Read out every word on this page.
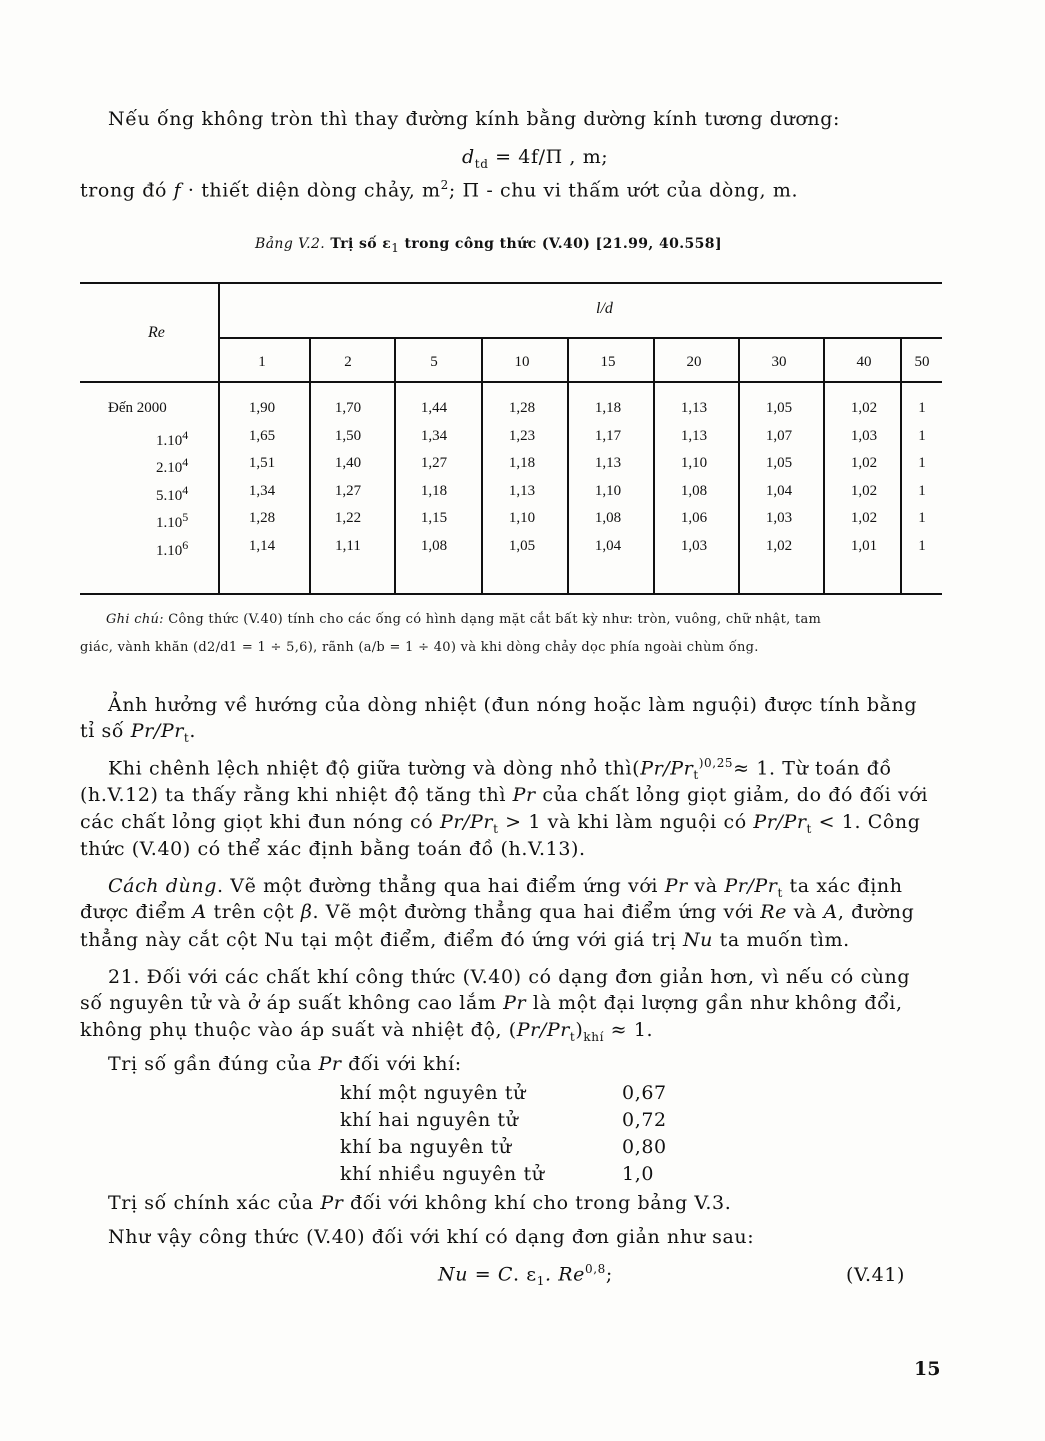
Nếu ống không tròn thì thay đường kính bằng dường kính tương dương:
$d_{td} = 4f/\Pi$ , m;
trong đó f · thiết diện dòng chảy, $m^2$; Π - chu vi thấm ướt của dòng, m.
Bảng V.2. Trị số $\varepsilon_1$ trong công thức (V.40) [21.99, 40.558]
Re
l/d
1	2	5	10	15	20	30	40	50
Đến 2000	1,90	1,70	1,44	1,28	1,18	1,13	1,05	1,02	1
1.10$^4$	1,65	1,50	1,34	1,23	1,17	1,13	1,07	1,03	1
2.10$^4$	1,51	1,40	1,27	1,18	1,13	1,10	1,05	1,02	1
5.10$^4$	1,34	1,27	1,18	1,13	1,10	1,08	1,04	1,02	1
1.10$^5$	1,28	1,22	1,15	1,10	1,08	1,06	1,03	1,02	1
1.10$^6$	1,14	1,11	1,08	1,05	1,04	1,03	1,02	1,01	1
Ghi chú: Công thức (V.40) tính cho các ống có hình dạng mặt cắt bất kỳ như: tròn, vuông, chữ nhật, tam
giác, vành khăn (d2/d1 = 1 ÷ 5,6), rãnh (a/b = 1 ÷ 40) và khi dòng chảy dọc phía ngoài chùm ống.
Ảnh hưởng về hướng của dòng nhiệt (đun nóng hoặc làm nguội) được tính bằng
tỉ số $Pr/Pr_t$.
Khi chênh lệch nhiệt độ giữa tường và dòng nhỏ $thì(Pr/Pr_t^{)0,25}\approx 1$. Từ toán đồ
(h.V.12) ta thấy rằng khi nhiệt độ tăng thì Pr của chất lỏng giọt giảm, do đó đối với
các chất lỏng giọt khi đun nóng có $Pr/Pr_t > 1$ và khi làm nguội có $Pr/Pr_t < 1$. Công
thức (V.40) có thể xác định bằng toán đồ (h.V.13).
Cách dùng. Vẽ một đường thẳng qua hai điểm ứng với Pr và $Pr/Pr_t$ ta xác định
được điểm A trên cột β. Vẽ một đường thẳng qua hai điểm ứng với Re và A, đường
thẳng này cắt cột Nu tại một điểm, điểm đó ứng với giá trị Nu ta muốn tìm.
21. Đối với các chất khí công thức (V.40) có dạng đơn giản hơn, vì nếu có cùng
số nguyên tử và ở áp suất không cao lắm Pr là một đại lượng gần như không đổi,
không phụ thuộc vào áp suất và nhiệt độ, $(Pr/Pr_t)_{khí} \approx 1$.
Trị số gần đúng của Pr đối với khí:
khí một nguyên tử	0,67
khí hai nguyên tử	0,72
khí ba nguyên tử	0,80
khí nhiều nguyên tử	1,0
Trị số chính xác của Pr đối với không khí cho trong bảng V.3.
Như vậy công thức (V.40) đối với khí có dạng đơn giản như sau:
Nu = C. $\varepsilon_1$. Re$^{0,8}$;	(V.41)
15
